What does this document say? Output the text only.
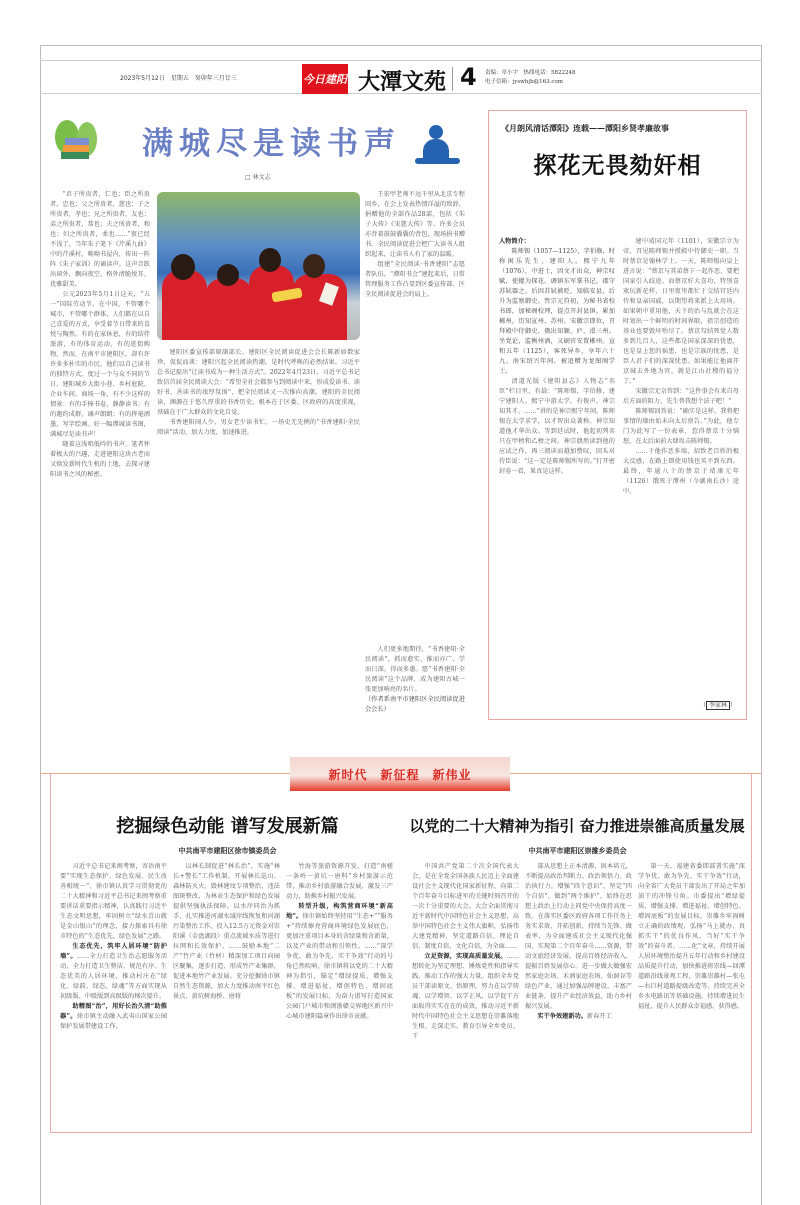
2023年5月12日　星期五　癸卯年三月廿三	今日建阳 大潭文苑 4 责编：章小宇　热线电话：5822248
电子信箱：jyswhjb@163.com
满城尽是读书声
□ 林文志

“君子所贵者，仁也；臣之所贵者，忠也；父之所贵者，慈也；子之所贵者，孝也；兄之所贵者，友也；弟之所贵者，恭也；夫之所贵者，和也；妇之所贵者，柔也……”夜已经不浅了，当年朱子笔下《芹溪九曲》中的芹溪村，呦呦书屋内，传出一阵阵《朱子家训》的诵读声。这声音跃出窗外，飘向夜空，格外清脆悦耳、优雅甜美。

公元2023年5月1日这天，“五一”国际劳动节。在中国，不管哪个城市，不管哪个群体，人们都在以自己喜爱的方式，享受着节日带来的喜悦与陶然。有的在家休息，有的结伴旅游，有的体育运动，有的逛街购物。然而，在南平市建阳区，却有许许多多朴实的市民，他们以自己读书的独特方式，度过一个与众不同的节日。建阳城乡大街小巷、乡村庭院、企业车间、商场一角，有不少这样的情景：有的手捧书卷，静静读书；有的邀约成群，诵声朗朗；有的挥毫洒墨，写字绘画。好一幅潭城读书图，满城尽是读书声！

随着这浅唱低吟的书声，笔者怀着极大的兴趣，走进建阳这块古老而又焕发新时代生机的土地，去探寻建阳读书之风的秘密。

建阳区委宣传部原副部长、建阳区全民阅读促进会会长陈新如数家珍，侃侃而谈：建阳兴起全民阅读热潮，是时代呼唤的必然结果。习近平总书记提出“让读书成为一种生活方式”。2022年4月23日，习近平总书记致信首届全民阅读大会：“希望全社会都参与到阅读中来，形成爱读书、读好书、善读书的浓厚氛围”，把全民阅读又一次推向高潮。建阳的全民阅读，渊源在于悠久厚重的书香历史，根本在于区委、区政府的高度重视，基础在于广大群众的文化自觉。

书香建阳闹人少，男女老少读书忙。一场史无先例的“书香建阳·全民阅读”活动，加大力度，加速推进。

王宏甲老师不远千里从北京专程回乡，在会上发表热情洋溢的致辞，捐赠他的全部作品28部，包括《朱子大传》《宋慈大传》等。许多会员亦背着鼓鼓囊囊的背包，现场捐书赠书。全民阅读促进会把广大读书人组织起来，让读书人有了家的温暖。

组建“全民阅读·书香建阳”志愿者队伍。“潭阳书会”建起来后，日常管理服务工作凸显到区委宣传部、区全民阅读促进会的肩上。

人们更多地期待，“书香建阳·全民阅读”，抓而愈实，推而亦广，学而日深，得而多惠。愿“书香建阳·全民阅读”这个品牌，成为建阳古城一张更加响亮的名片。

（作者系南平市建阳区全民阅读促进会会长）
《月朗风清话潭阳》连载——潭阳乡贤孝廉故事
探花无畏劾奸相
人物简介：

陈师锡（1057—1125），字伯修，时称闲乐先生，建阳人。熙宁九年（1076），中进士，因文才出众，神宗叹赋，使擢为探花。调镇东军掌书记，郡守苏轼器之。后因苏轼被贬，知临安县，后升为监察御史。哲宗元符初，为秘书省校书郎，加秘阁校理，提点开封县镇。累加郴州，历知宣州、苏州。宋徽宗即位，召拜殿中侍御史，俄出知颍、庐、滑三州。坐党论，监衡州酒，又刷官安置郴州。宣和五年（1125），客死异乡，享年六十九。南宋绍兴年间，被追赠为龙图阁学士。

清道光版《建阳县志》人物志“名臣”栏目里，有载：“陈师锡，字伯修，建宁建阳人。熙宁中游太学，有俊声。神宗知其才。……”讲的是神宗熙宁年间，陈师锡在太学求学，以才智出众著称。神宗知道他才华出众。等到廷试时，他起初列名只在甲榜和乙榜之间。神宗偶然读到他的应试之作，再三阅读而越加赞叹，回头对侍臣说：“这一定是陈师锡所写的。”打开密封卷一看，果真是这样。

建中靖国元年（1101），宋徽宗立为帝，召见陈师锡并授殿中侍御史一职。当时蔡京是翰林学士。一天，陈师锡向皇上进言说：“蔡京与其弟蔡卞一起作恶，要把国家引入歧途。而蔡京好大喜功，特别喜欢玩新花样，日里夜里都忙于交结宫廷内侍和皇亲国戚，以期望将来派上大用场。如果朝中重用他，天下的治与乱就会在这时划出一个鲜明的时间界限，祖宗创造的基业也要毁坏殆尽了。蔡京勾结死党人数多到几百人，这些都是国家深深的忧患，也是皇上您的祸患，也是宗族的忧患，是臣人君子们的深深忧患。如果能让他离开京城去外地为官，就是江山社稷的福分了。”

宋徽宗无奈答到：“这件事会有来自母后方面的阻力，先生替我想个法子吧！”

陈师锡回答说：“确实是这样。我将把事情的缘由始末向太后禀告。”为此，他专门为此写了一份表章，惹得蔡京十分恼怒，在太后面前大肆攻击陈师锡。

……于他作恶多端，招致老百姓的极大反感，在路上即使用钱也买不到东西。最终，年逾八十的蔡京于靖康元年（1126）饿死于潭州（今湖南长沙）途中。

（ 李家林 ）
新时代　新征程　新伟业
挖掘绿色动能 谱写发展新篇
中共南平市建阳区徐市镇委员会

习近平总书记来闽考察，寄语南平要“实现生态保护、绿色发展、民生改善相统一”。徐市镇认真学习贯彻党的二十大精神和习近平总书记来闽考察重要讲话重要指示精神，认真践行习近平生态文明思想，牢固树立“绿水青山就是金山银山”的理念，接力探索具有徐市特色的“生态优先、绿色发展”之路。

生态优先，筑牢人居环境“防护墙”。……全力打造卫生治志愿服务活动，全力打造卫生整洁、规范有序、生态优美的人居环境，推动村庄在“绿化、绿韵、绿态、绿魂”等方面实现从初级版、中级版到高级版的梯次提升。

助精图“治”，用好长治久清“助推器”。徐市镇主动融入武夷山国家公园保护发展带建设工作。

以林长制促进“林长治”，实施“林长+警长”工作机制，开展林长巡山、森林防灭火、毁林建坟专项整治、违法图斑整改，为林业生态保护和绿色发展提供坚强执法保障。以水岸同治为抓手，扎实推进河湖水域岸线恢复和河湖污染整治工作，投入12.5万元资金对崇阳溪（金盘湖段）重点流域水质等进行拉网和长效保护。……鼓励本地“二产”竹产业（竹材）精深加工项目向园区聚集，逐步打造、形成竹产业集群，促进本地竹产业发展。充分挖掘徐市镇自然生态资源，加大力度推动南平红色景点、黄坑树海桥、唐将

竹海等旅游资源开发，打造“南槎一条岭一黄坑一唐科”乡村旅游示范带，推动乡村旅游融合发展，激发三产动力，助推乡村振兴发展。

转型升级，构筑营商环境“新高地”。徐市镇始终坚持用“生态+”“服务+”持续擦亮营商环境绿色发展底色，更加注重项目本身的含绿量和含新量，以及产业的带动和引领性。……“深学争优、敢为争先、实干争效”行动的号角已然吹响，徐市镇将以党的二十大精神为指引，锚定“增绿提质、增强支撑、增进福祉、增创特色、增固底板”的发展目标，为奋力谱写打造国家公园门户城市和闽浙赣交界地区新兴中心城市建阳篇章作出徐市贡献。

以党的二十大精神为指引 奋力推进崇雒高质量发展
中共南平市建阳区崇雒乡委员会

中国共产党第二十次全国代表大会，是在全党全国各族人民迈上全面建设社会主义现代化国家新征程、向第二个百年奋斗目标进军的关键时刻召开的一次十分重要的大会。大会全面贯彻习近平新时代中国特色社会主义思想，高举中国特色社会主义伟大旗帜，弘扬伟大建党精神，坚定道路自信、理论自信、制度自信、文化自信，为全面……

立足资源，实现高质量发展。……想转化为坚定理想、锤炼党性和指导实践、推动工作的强大力量。组织全乡党员干部读原文、悟原理，努力在以学铸魂、以学增智、以学正风、以学促干方面取得实实在在的成效，推动习近平新时代中国特色社会主义思想在崇雒落地生根、走深走实。教育引导全乡党员、干

部从思想上正本清源、固本培元，不断提高政治判断力、政治领悟力、政治执行力，增强“四个意识”，坚定“四个自信”，做到“两个维护”，始终在思想上政治上行动上同党中央保持高度一致。在落实区委区政府各项工作任务上务实求效、开拓创新，持续当先锋、做表率，为全面建成社会主义现代化强国、实现第二个百年奋斗……资源，带动文旅经济发展，提高百姓经济收入，提振百姓发展信心。进一步做大做强宏然家庭农场、禾润家庭农场、仙洞谷等绿色产业，通过加强品牌建设、丰富产业链条，提升产业经济效益，助力乡村振兴发展。

实干争效建新功。新春开工

第一天，福建省委即部署实施“深学争优、敢为争先、实干争效”行动，向全省广大党员干部发出了开局之年加油干的冲锋号角。市委提出“增绿提质、增强支撑、增进福祉、增创特色、增固底板”的发展目标，崇雒乡牢固树立正确的政绩观，弘扬“马上就办、真抓实干”的优良作风，当好“实干争效”的奋斗者。……化”文章，持续开展人居环境整治提升五年行动和乡村建设品质提升行动，加快推进将崇线—回潭道路沿线景观工程，崇雒崇雒村—张屯—右巨村道路提级改造等，持续完善全乡水电路讯等基础设施，持续增进民生福祉，提升人民群众幸福感、获得感。
